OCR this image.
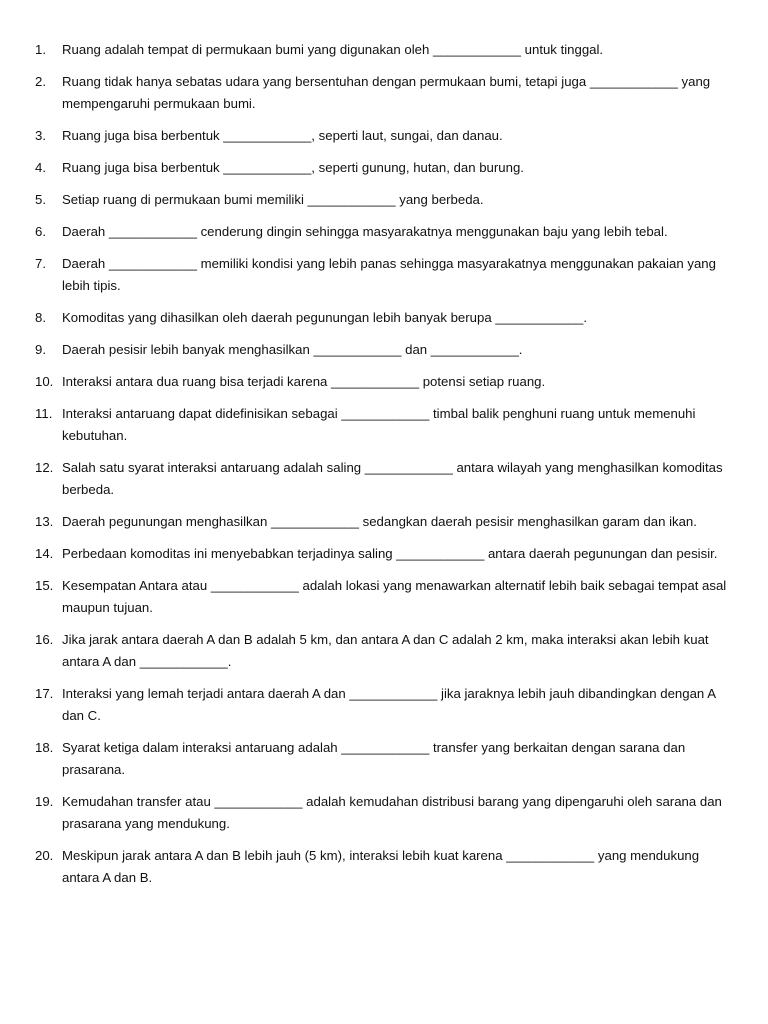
1.	Ruang adalah tempat di permukaan bumi yang digunakan oleh ____________ untuk tinggal.
2.	Ruang tidak hanya sebatas udara yang bersentuhan dengan permukaan bumi, tetapi juga ____________ yang mempengaruhi permukaan bumi.
3.	Ruang juga bisa berbentuk ____________, seperti laut, sungai, dan danau.
4.	Ruang juga bisa berbentuk ____________, seperti gunung, hutan, dan burung.
5.	Setiap ruang di permukaan bumi memiliki ____________ yang berbeda.
6.	Daerah ____________ cenderung dingin sehingga masyarakatnya menggunakan baju yang lebih tebal.
7.	Daerah ____________ memiliki kondisi yang lebih panas sehingga masyarakatnya menggunakan pakaian yang lebih tipis.
8.	Komoditas yang dihasilkan oleh daerah pegunungan lebih banyak berupa ____________.
9.	Daerah pesisir lebih banyak menghasilkan ____________ dan ____________.
10. Interaksi antara dua ruang bisa terjadi karena ____________ potensi setiap ruang.
11. Interaksi antaruang dapat didefinisikan sebagai ____________ timbal balik penghuni ruang untuk memenuhi kebutuhan.
12. Salah satu syarat interaksi antaruang adalah saling ____________ antara wilayah yang menghasilkan komoditas berbeda.
13. Daerah pegunungan menghasilkan ____________ sedangkan daerah pesisir menghasilkan garam dan ikan.
14. Perbedaan komoditas ini menyebabkan terjadinya saling ____________ antara daerah pegunungan dan pesisir.
15. Kesempatan Antara atau ____________ adalah lokasi yang menawarkan alternatif lebih baik sebagai tempat asal maupun tujuan.
16. Jika jarak antara daerah A dan B adalah 5 km, dan antara A dan C adalah 2 km, maka interaksi akan lebih kuat antara A dan ____________.
17. Interaksi yang lemah terjadi antara daerah A dan ____________ jika jaraknya lebih jauh dibandingkan dengan A dan C.
18. Syarat ketiga dalam interaksi antaruang adalah ____________ transfer yang berkaitan dengan sarana dan prasarana.
19. Kemudahan transfer atau ____________ adalah kemudahan distribusi barang yang dipengaruhi oleh sarana dan prasarana yang mendukung.
20. Meskipun jarak antara A dan B lebih jauh (5 km), interaksi lebih kuat karena ____________ yang mendukung antara A dan B.
